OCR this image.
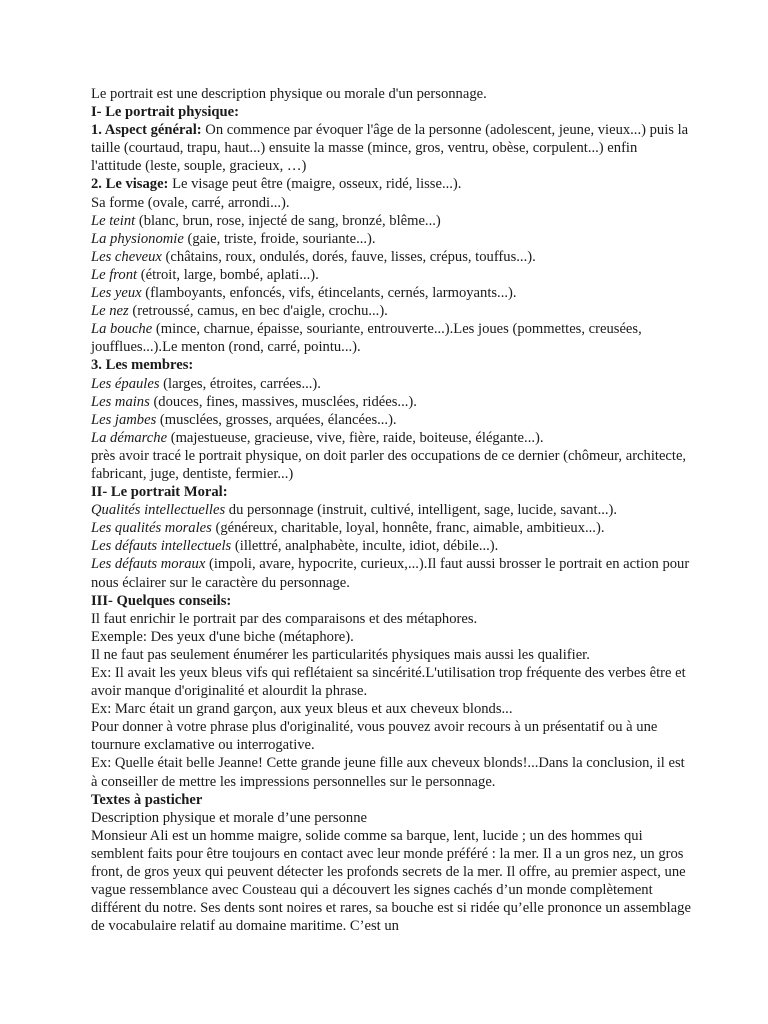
Le portrait est une description physique ou morale d'un personnage.

I- Le portrait physique:

1. Aspect général: On commence par évoquer l'âge de la personne (adolescent, jeune, vieux...) puis la taille (courtaud, trapu, haut...) ensuite la masse (mince, gros, ventru, obèse, corpulent...) enfin l'attitude (leste, souple, gracieux, …)

2. Le visage: Le visage peut être (maigre, osseux, ridé, lisse...).

Sa forme (ovale, carré, arrondi...).

Le teint (blanc, brun, rose, injecté de sang, bronzé, blême...)

La physionomie (gaie, triste, froide, souriante...).

Les cheveux (châtains, roux, ondulés, dorés, fauve, lisses, crépus, touffus...).

Le front (étroit, large, bombé, aplati...).

Les yeux (flamboyants, enfoncés, vifs, étincelants, cernés, larmoyants...).

Le nez (retroussé, camus, en bec d'aigle, crochu...).

La bouche (mince, charnue, épaisse, souriante, entrouverte...).Les joues (pommettes, creusées, joufflues...).Le menton (rond, carré, pointu...).

3. Les membres:

Les épaules (larges, étroites, carrées...).

Les mains (douces, fines, massives, musclées, ridées...).

Les jambes (musclées, grosses, arquées, élancées...).

La démarche (majestueuse, gracieuse, vive, fière, raide, boiteuse, élégante...).

près avoir tracé le portrait physique, on doit parler des occupations de ce dernier (chômeur, architecte, fabricant, juge, dentiste, fermier...)

II- Le portrait Moral:

Qualités intellectuelles du personnage (instruit, cultivé, intelligent, sage, lucide, savant...).

Les qualités morales (généreux, charitable, loyal, honnête, franc, aimable, ambitieux...).

Les défauts intellectuels (illettré, analphabète, inculte, idiot, débile...).

Les défauts moraux (impoli, avare, hypocrite, curieux,...).Il faut aussi brosser le portrait en action pour nous éclairer sur le caractère du personnage.

III- Quelques conseils:

Il faut enrichir le portrait par des comparaisons et des métaphores.

Exemple: Des yeux d'une biche (métaphore).

Il ne faut pas seulement énumérer les particularités physiques mais aussi les qualifier.

Ex: Il avait les yeux bleus vifs qui reflétaient sa sincérité.L'utilisation trop fréquente des verbes être et avoir manque d'originalité et alourdit la phrase.

Ex: Marc était un grand garçon, aux yeux bleus et aux cheveux blonds...

Pour donner à votre phrase plus d'originalité, vous pouvez avoir recours à un présentatif ou à une tournure exclamative ou interrogative.

Ex: Quelle était belle Jeanne! Cette grande jeune fille aux cheveux blonds!...Dans la conclusion, il est à conseiller de mettre les impressions personnelles sur le personnage.

Textes à pasticher

Description physique et morale d’une personne

Monsieur Ali est un homme maigre, solide comme sa barque, lent, lucide ; un des hommes qui semblent faits pour être toujours en contact avec leur monde préféré : la mer. Il a un gros nez, un gros front, de gros yeux qui peuvent détecter les profonds secrets de la mer. Il offre, au premier aspect, une vague ressemblance avec Cousteau qui a découvert les signes cachés d’un monde complètement différent du notre. Ses dents sont noires et rares, sa bouche est si ridée qu’elle prononce un assemblage de vocabulaire relatif au domaine maritime. C’est un
